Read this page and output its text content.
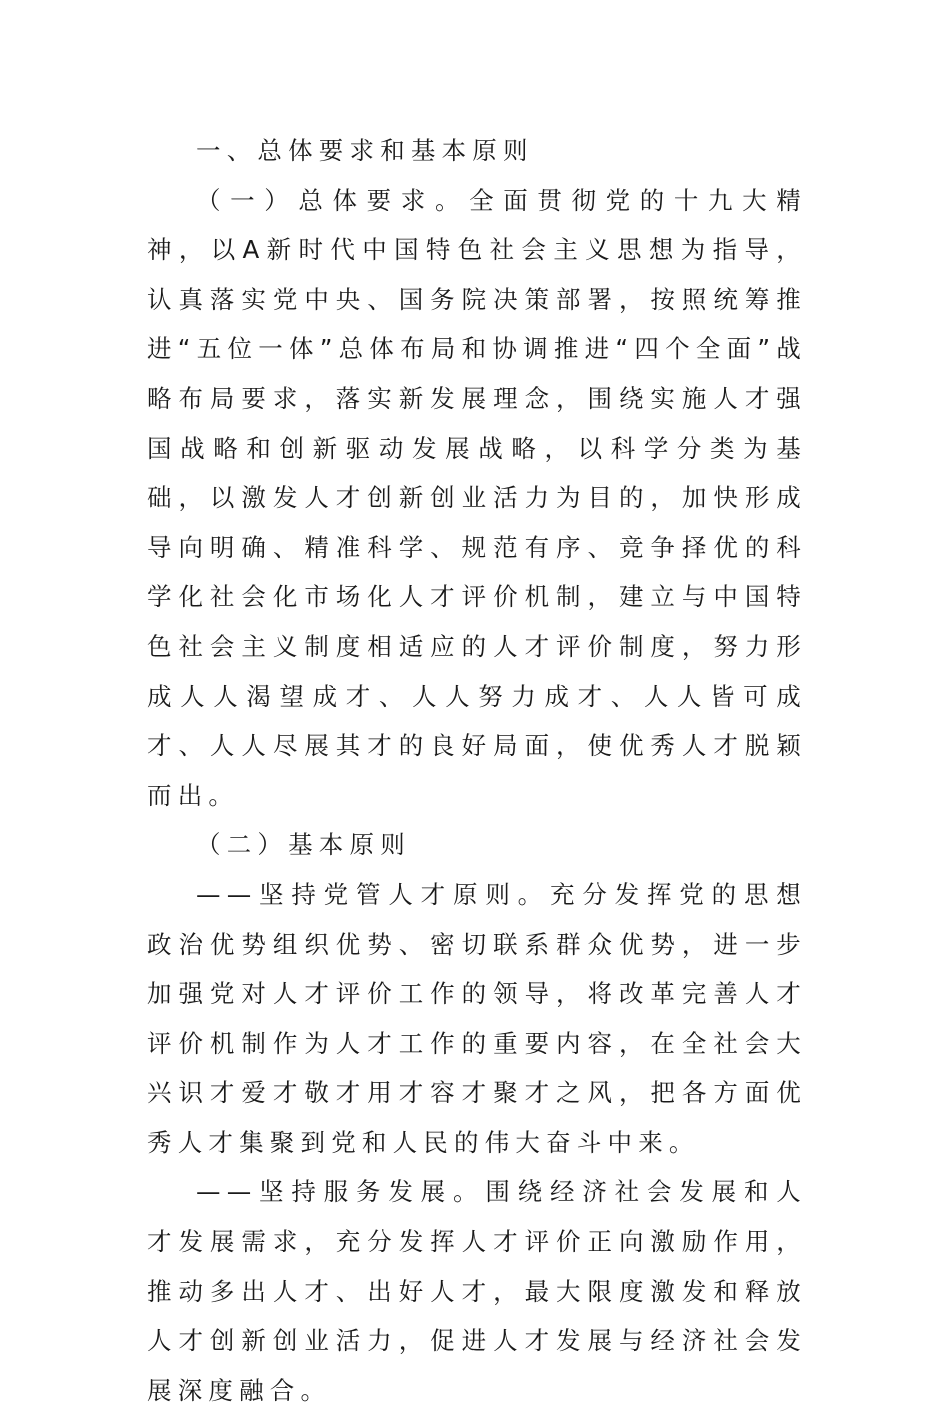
一、总体要求和基本原则

（一）总体要求。全面贯彻党的十九大精神，以A新时代中国特色社会主义思想为指导，认真落实党中央、国务院决策部署，按照统筹推进“五位一体”总体布局和协调推进“四个全面”战略布局要求，落实新发展理念，围绕实施人才强国战略和创新驱动发展战略，以科学分类为基础，以激发人才创新创业活力为目的，加快形成导向明确、精准科学、规范有序、竞争择优的科学化社会化市场化人才评价机制，建立与中国特色社会主义制度相适应的人才评价制度，努力形成人人渴望成才、人人努力成才、人人皆可成才、人人尽展其才的良好局面，使优秀人才脱颖而出。

（二）基本原则

——坚持党管人才原则。充分发挥党的思想政治优势组织优势、密切联系群众优势，进一步加强党对人才评价工作的领导，将改革完善人才评价机制作为人才工作的重要内容，在全社会大兴识才爱才敬才用才容才聚才之风，把各方面优秀人才集聚到党和人民的伟大奋斗中来。

——坚持服务发展。围绕经济社会发展和人才发展需求，充分发挥人才评价正向激励作用，推动多出人才、出好人才，最大限度激发和释放人才创新创业活力，促进人才发展与经济社会发展深度融合。
